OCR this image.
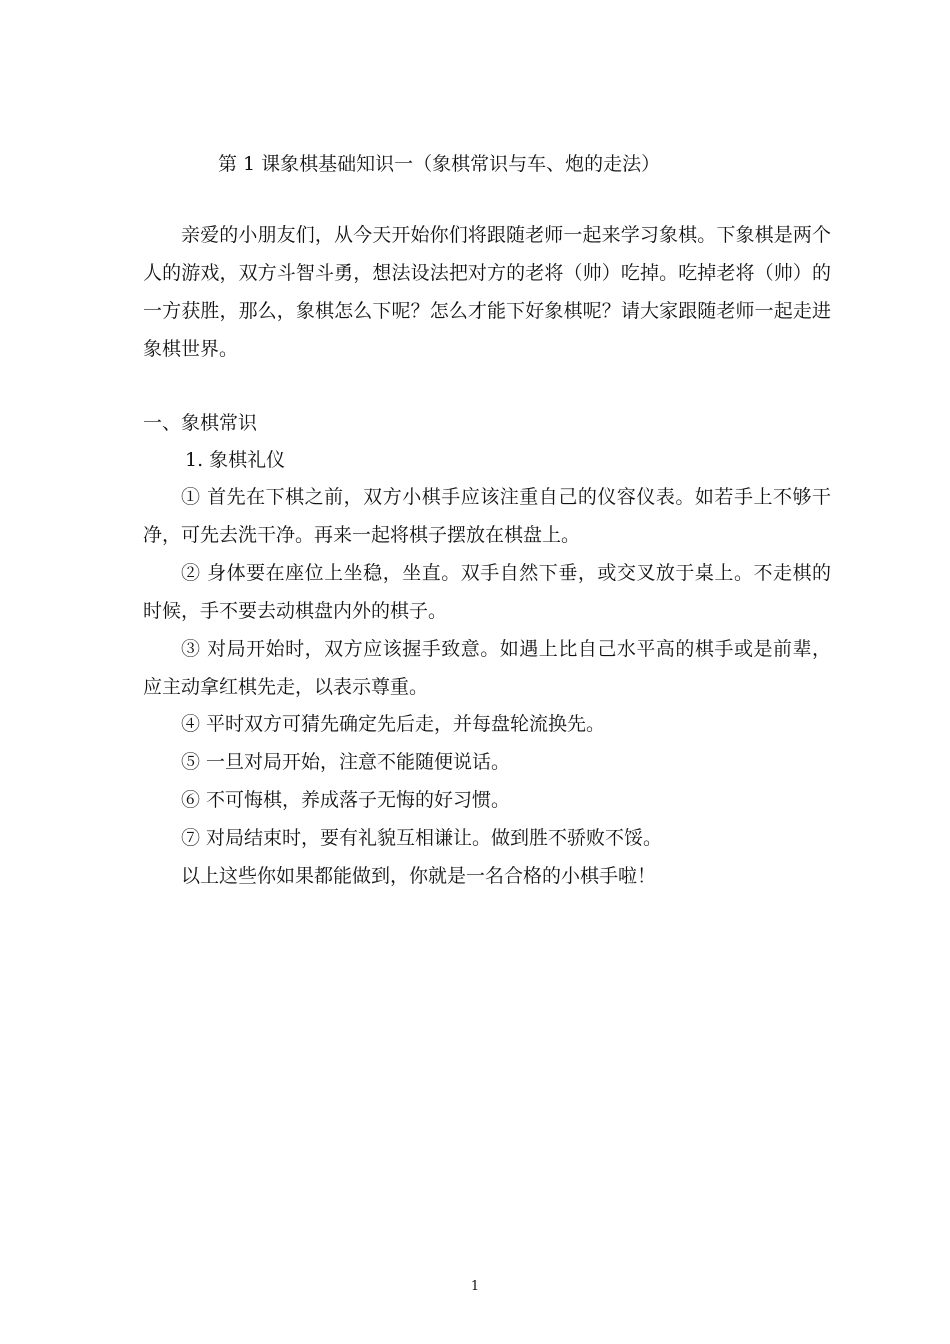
第 1 课象棋基础知识一（象棋常识与车、炮的走法）

亲爱的小朋友们，从今天开始你们将跟随老师一起来学习象棋。下象棋是两个人的游戏，双方斗智斗勇，想法设法把对方的老将（帅）吃掉。吃掉老将（帅）的一方获胜，那么，象棋怎么下呢？怎么才能下好象棋呢？请大家跟随老师一起走进象棋世界。

一、象棋常识

1. 象棋礼仪

① 首先在下棋之前，双方小棋手应该注重自己的仪容仪表。如若手上不够干净，可先去洗干净。再来一起将棋子摆放在棋盘上。

② 身体要在座位上坐稳，坐直。双手自然下垂，或交叉放于桌上。不走棋的时候，手不要去动棋盘内外的棋子。

③ 对局开始时，双方应该握手致意。如遇上比自己水平高的棋手或是前辈，应主动拿红棋先走，以表示尊重。

④ 平时双方可猜先确定先后走，并每盘轮流换先。

⑤ 一旦对局开始，注意不能随便说话。

⑥ 不可悔棋，养成落子无悔的好习惯。

⑦ 对局结束时，要有礼貌互相谦让。做到胜不骄败不馁。

以上这些你如果都能做到，你就是一名合格的小棋手啦！

1
